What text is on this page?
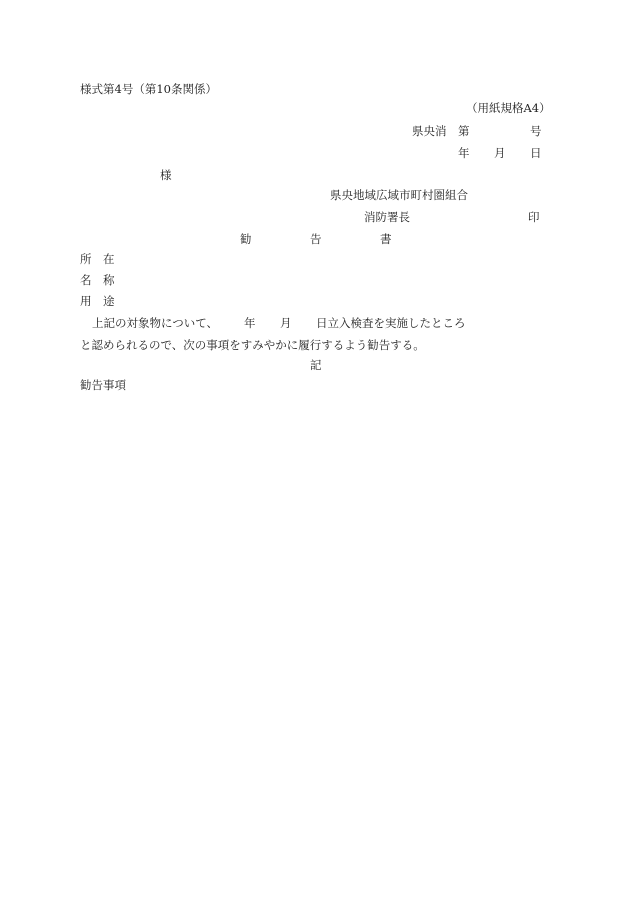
様式第4号（第10条関係）
（用紙規格A4）
県央消 第	号
年 月 日
様
県央地域広域市町村圏組合
消防署長	印
勧	告	書
所 在
名 称
用 途
上記の対象物について、 年 月 日立入検査を実施したところ
と認められるので、次の事項をすみやかに履行するよう勧告する。
記
勧告事項
